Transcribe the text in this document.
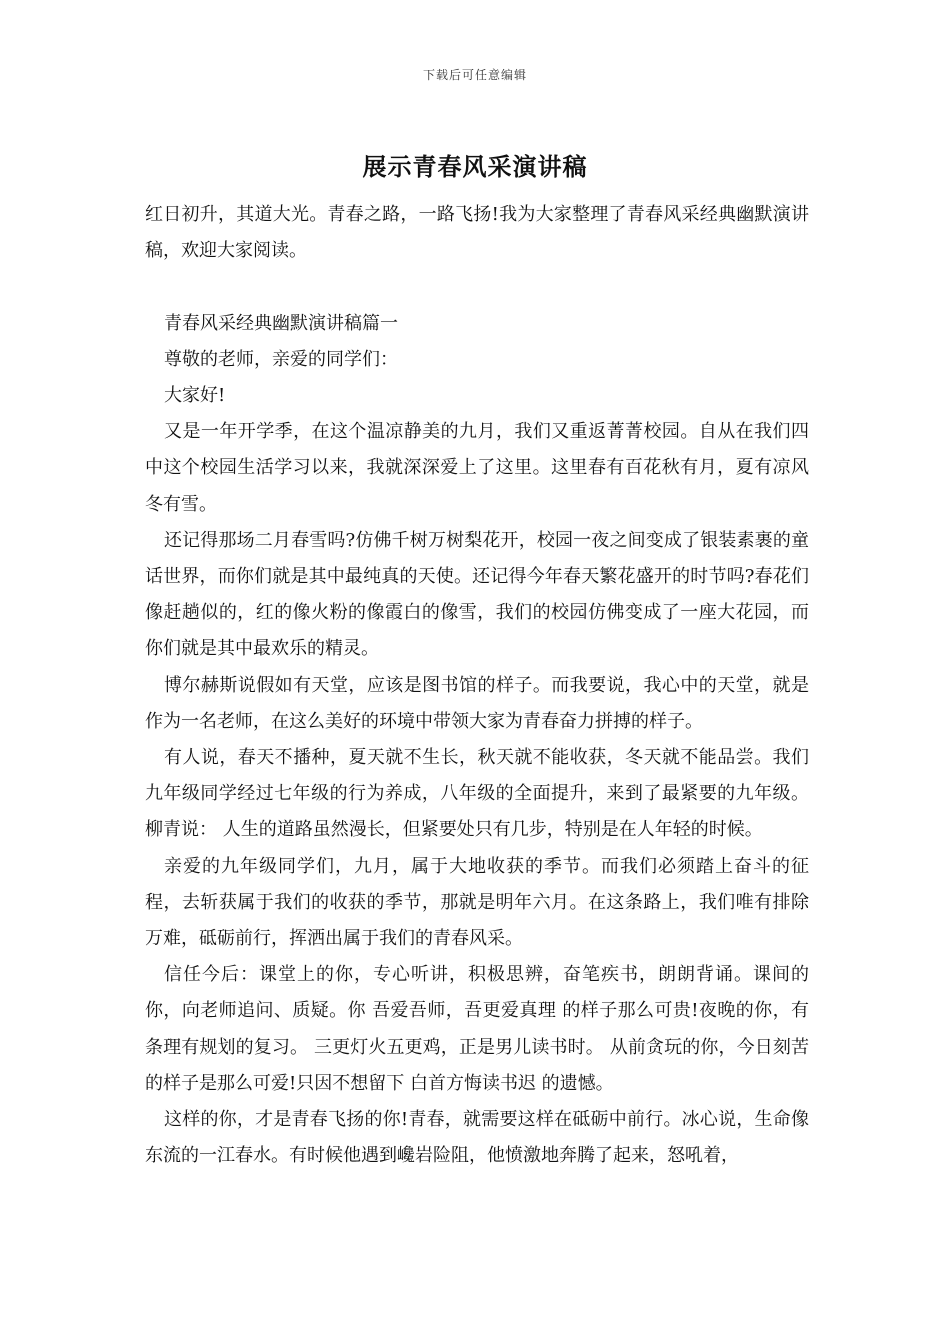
下载后可任意编辑
展示青春风采演讲稿

红日初升，其道大光。青春之路，一路飞扬!我为大家整理了青春风采经典幽默演讲稿，欢迎大家阅读。

青春风采经典幽默演讲稿篇一

尊敬的老师，亲爱的同学们：

大家好!

又是一年开学季，在这个温凉静美的九月，我们又重返菁菁校园。自从在我们四中这个校园生活学习以来，我就深深爱上了这里。这里春有百花秋有月，夏有凉风冬有雪。

还记得那场二月春雪吗?仿佛千树万树梨花开，校园一夜之间变成了银装素裹的童话世界，而你们就是其中最纯真的天使。还记得今年春天繁花盛开的时节吗?春花们像赶趟似的，红的像火粉的像霞白的像雪，我们的校园仿佛变成了一座大花园，而你们就是其中最欢乐的精灵。

博尔赫斯说假如有天堂，应该是图书馆的样子。而我要说，我心中的天堂，就是作为一名老师，在这么美好的环境中带领大家为青春奋力拼搏的样子。

有人说，春天不播种，夏天就不生长，秋天就不能收获，冬天就不能品尝。我们九年级同学经过七年级的行为养成，八年级的全面提升，来到了最紧要的九年级。柳青说： 人生的道路虽然漫长，但紧要处只有几步，特别是在人年轻的时候。

亲爱的九年级同学们，九月，属于大地收获的季节。而我们必须踏上奋斗的征程，去斩获属于我们的收获的季节，那就是明年六月。在这条路上，我们唯有排除万难，砥砺前行，挥洒出属于我们的青春风采。

信任今后：课堂上的你，专心听讲，积极思辨，奋笔疾书，朗朗背诵。课间的你，向老师追问、质疑。你 吾爱吾师，吾更爱真理 的样子那么可贵!夜晚的你，有条理有规划的复习。 三更灯火五更鸡，正是男儿读书时。 从前贪玩的你，今日刻苦的样子是那么可爱!只因不想留下 白首方悔读书迟 的遗憾。

这样的你，才是青春飞扬的你!青春，就需要这样在砥砺中前行。冰心说，生命像东流的一江春水。有时候他遇到巉岩险阻，他愤激地奔腾了起来，怒吼着，
